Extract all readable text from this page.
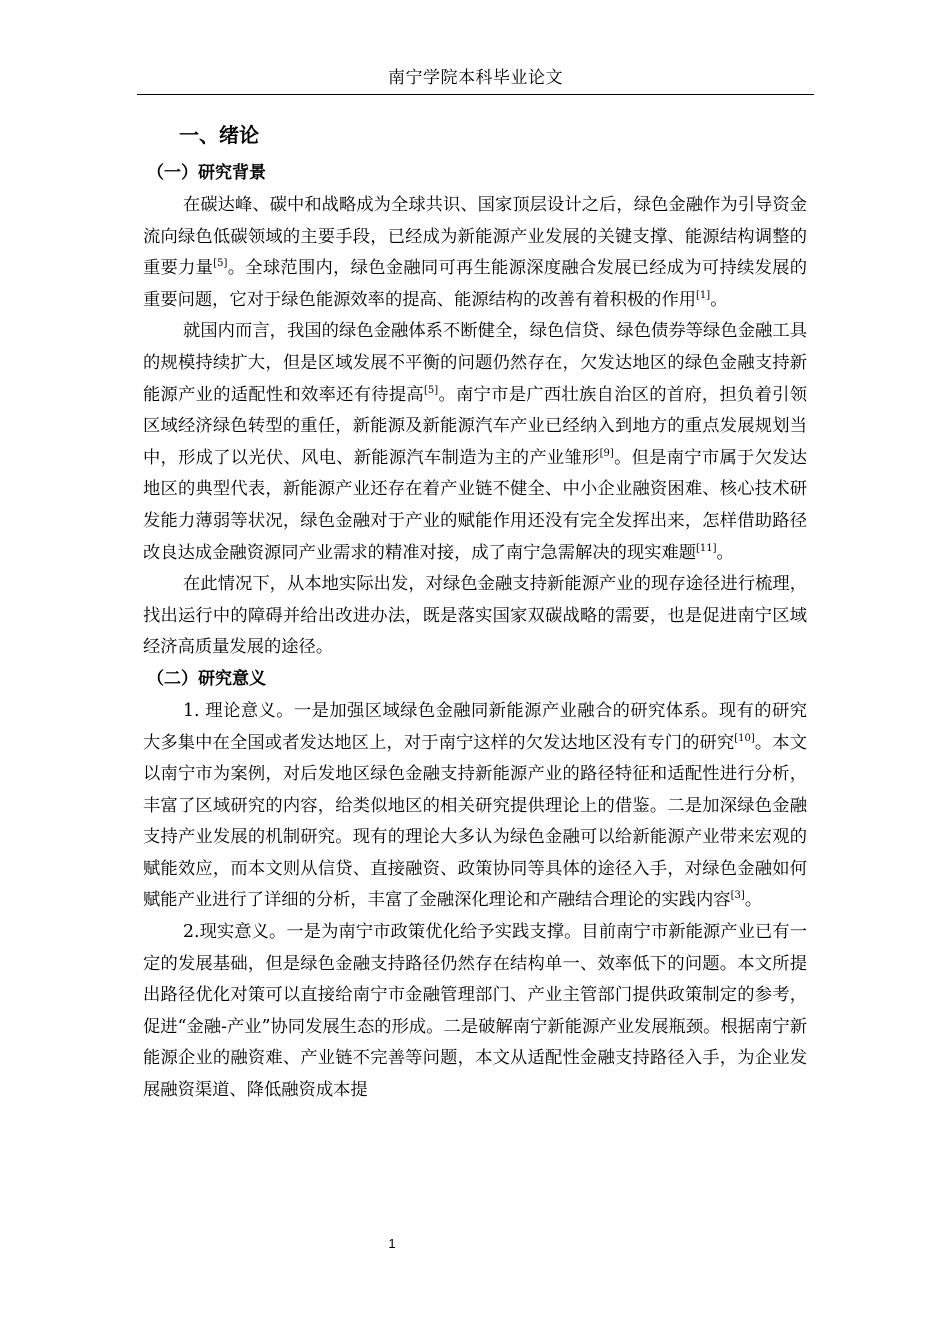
南宁学院本科毕业论文
一、绪论
（一）研究背景

在碳达峰、碳中和战略成为全球共识、国家顶层设计之后，绿色金融作为引导资金流向绿色低碳领域的主要手段，已经成为新能源产业发展的关键支撑、能源结构调整的重要力量[5]。全球范围内，绿色金融同可再生能源深度融合发展已经成为可持续发展的重要问题，它对于绿色能源效率的提高、能源结构的改善有着积极的作用[1]。

就国内而言，我国的绿色金融体系不断健全，绿色信贷、绿色债券等绿色金融工具的规模持续扩大，但是区域发展不平衡的问题仍然存在，欠发达地区的绿色金融支持新能源产业的适配性和效率还有待提高[5]。南宁市是广西壮族自治区的首府，担负着引领区域经济绿色转型的重任，新能源及新能源汽车产业已经纳入到地方的重点发展规划当中，形成了以光伏、风电、新能源汽车制造为主的产业雏形[9]。但是南宁市属于欠发达地区的典型代表，新能源产业还存在着产业链不健全、中小企业融资困难、核心技术研发能力薄弱等状况，绿色金融对于产业的赋能作用还没有完全发挥出来，怎样借助路径改良达成金融资源同产业需求的精准对接，成了南宁急需解决的现实难题[11]。

在此情况下，从本地实际出发，对绿色金融支持新能源产业的现存途径进行梳理，找出运行中的障碍并给出改进办法，既是落实国家双碳战略的需要，也是促进南宁区域经济高质量发展的途径。

（二）研究意义

1. 理论意义。一是加强区域绿色金融同新能源产业融合的研究体系。现有的研究大多集中在全国或者发达地区上，对于南宁这样的欠发达地区没有专门的研究[10]。本文以南宁市为案例，对后发地区绿色金融支持新能源产业的路径特征和适配性进行分析，丰富了区域研究的内容，给类似地区的相关研究提供理论上的借鉴。二是加深绿色金融支持产业发展的机制研究。现有的理论大多认为绿色金融可以给新能源产业带来宏观的赋能效应，而本文则从信贷、直接融资、政策协同等具体的途径入手，对绿色金融如何赋能产业进行了详细的分析，丰富了金融深化理论和产融结合理论的实践内容[3]。

2.现实意义。一是为南宁市政策优化给予实践支撑。目前南宁市新能源产业已有一定的发展基础，但是绿色金融支持路径仍然存在结构单一、效率低下的问题。本文所提出路径优化对策可以直接给南宁市金融管理部门、产业主管部门提供政策制定的参考，促进“金融-产业”协同发展生态的形成。二是破解南宁新能源产业发展瓶颈。根据南宁新能源企业的融资难、产业链不完善等问题，本文从适配性金融支持路径入手，为企业发展融资渠道、降低融资成本提

1
